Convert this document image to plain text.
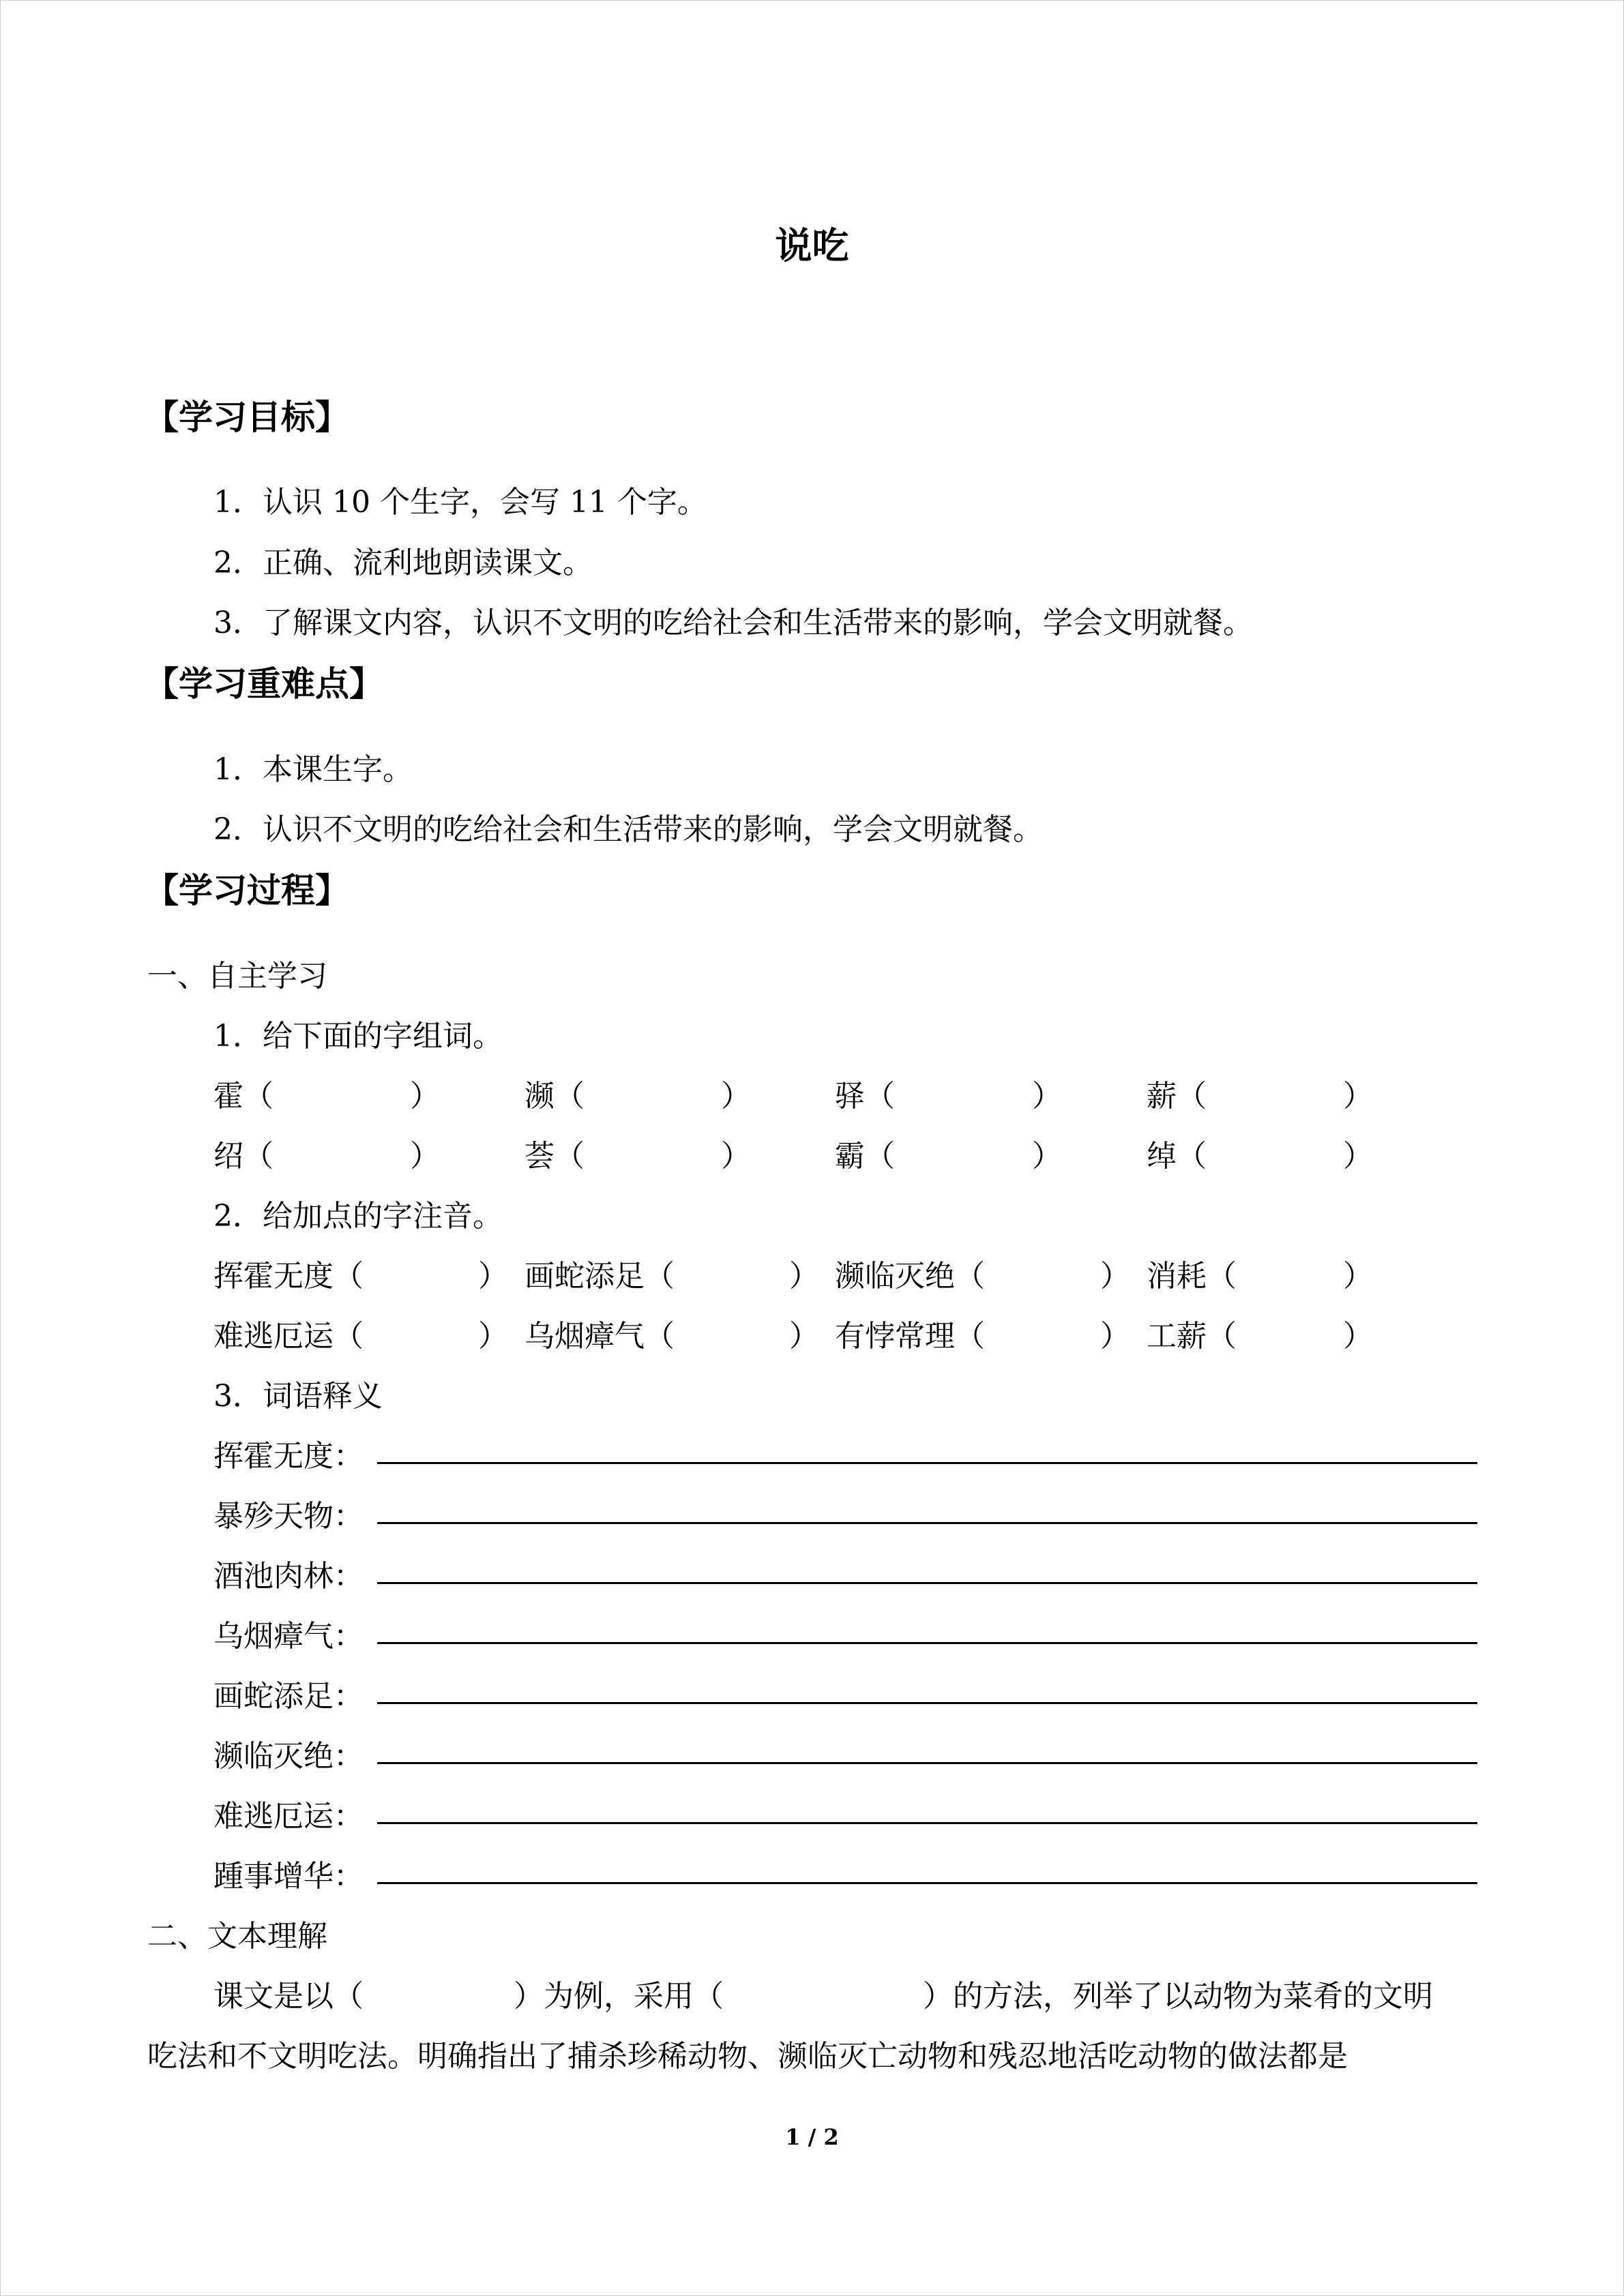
说吃
【学习目标】
1．认识 10 个生字，会写 11 个字。
2．正确、流利地朗读课文。
3．了解课文内容，认识不文明的吃给社会和生活带来的影响，学会文明就餐。
【学习重难点】
1．本课生字。
2．认识不文明的吃给社会和生活带来的影响，学会文明就餐。
【学习过程】
一、自主学习
1．给下面的字组词。
霍（	）	濒（	）	驿（	）	薪（	）
绍（	）	荟（	）	霸（	）	绰（	）
2．给加点的字注音。
挥霍无度（	） 画蛇添足（	） 濒临灭绝（	） 消耗（	）
难逃厄运（	） 乌烟瘴气（	） 有悖常理（	） 工薪（	）
3．词语释义
挥霍无度：
暴殄天物：
酒池肉林：
乌烟瘴气：
画蛇添足：
濒临灭绝：
难逃厄运：
踵事增华：
二、文本理解
课文是以（	）为例，采用（	）的方法，列举了以动物为菜肴的文明
吃法和不文明吃法。明确指出了捕杀珍稀动物、濒临灭亡动物和残忍地活吃动物的做法都是
1 / 2
